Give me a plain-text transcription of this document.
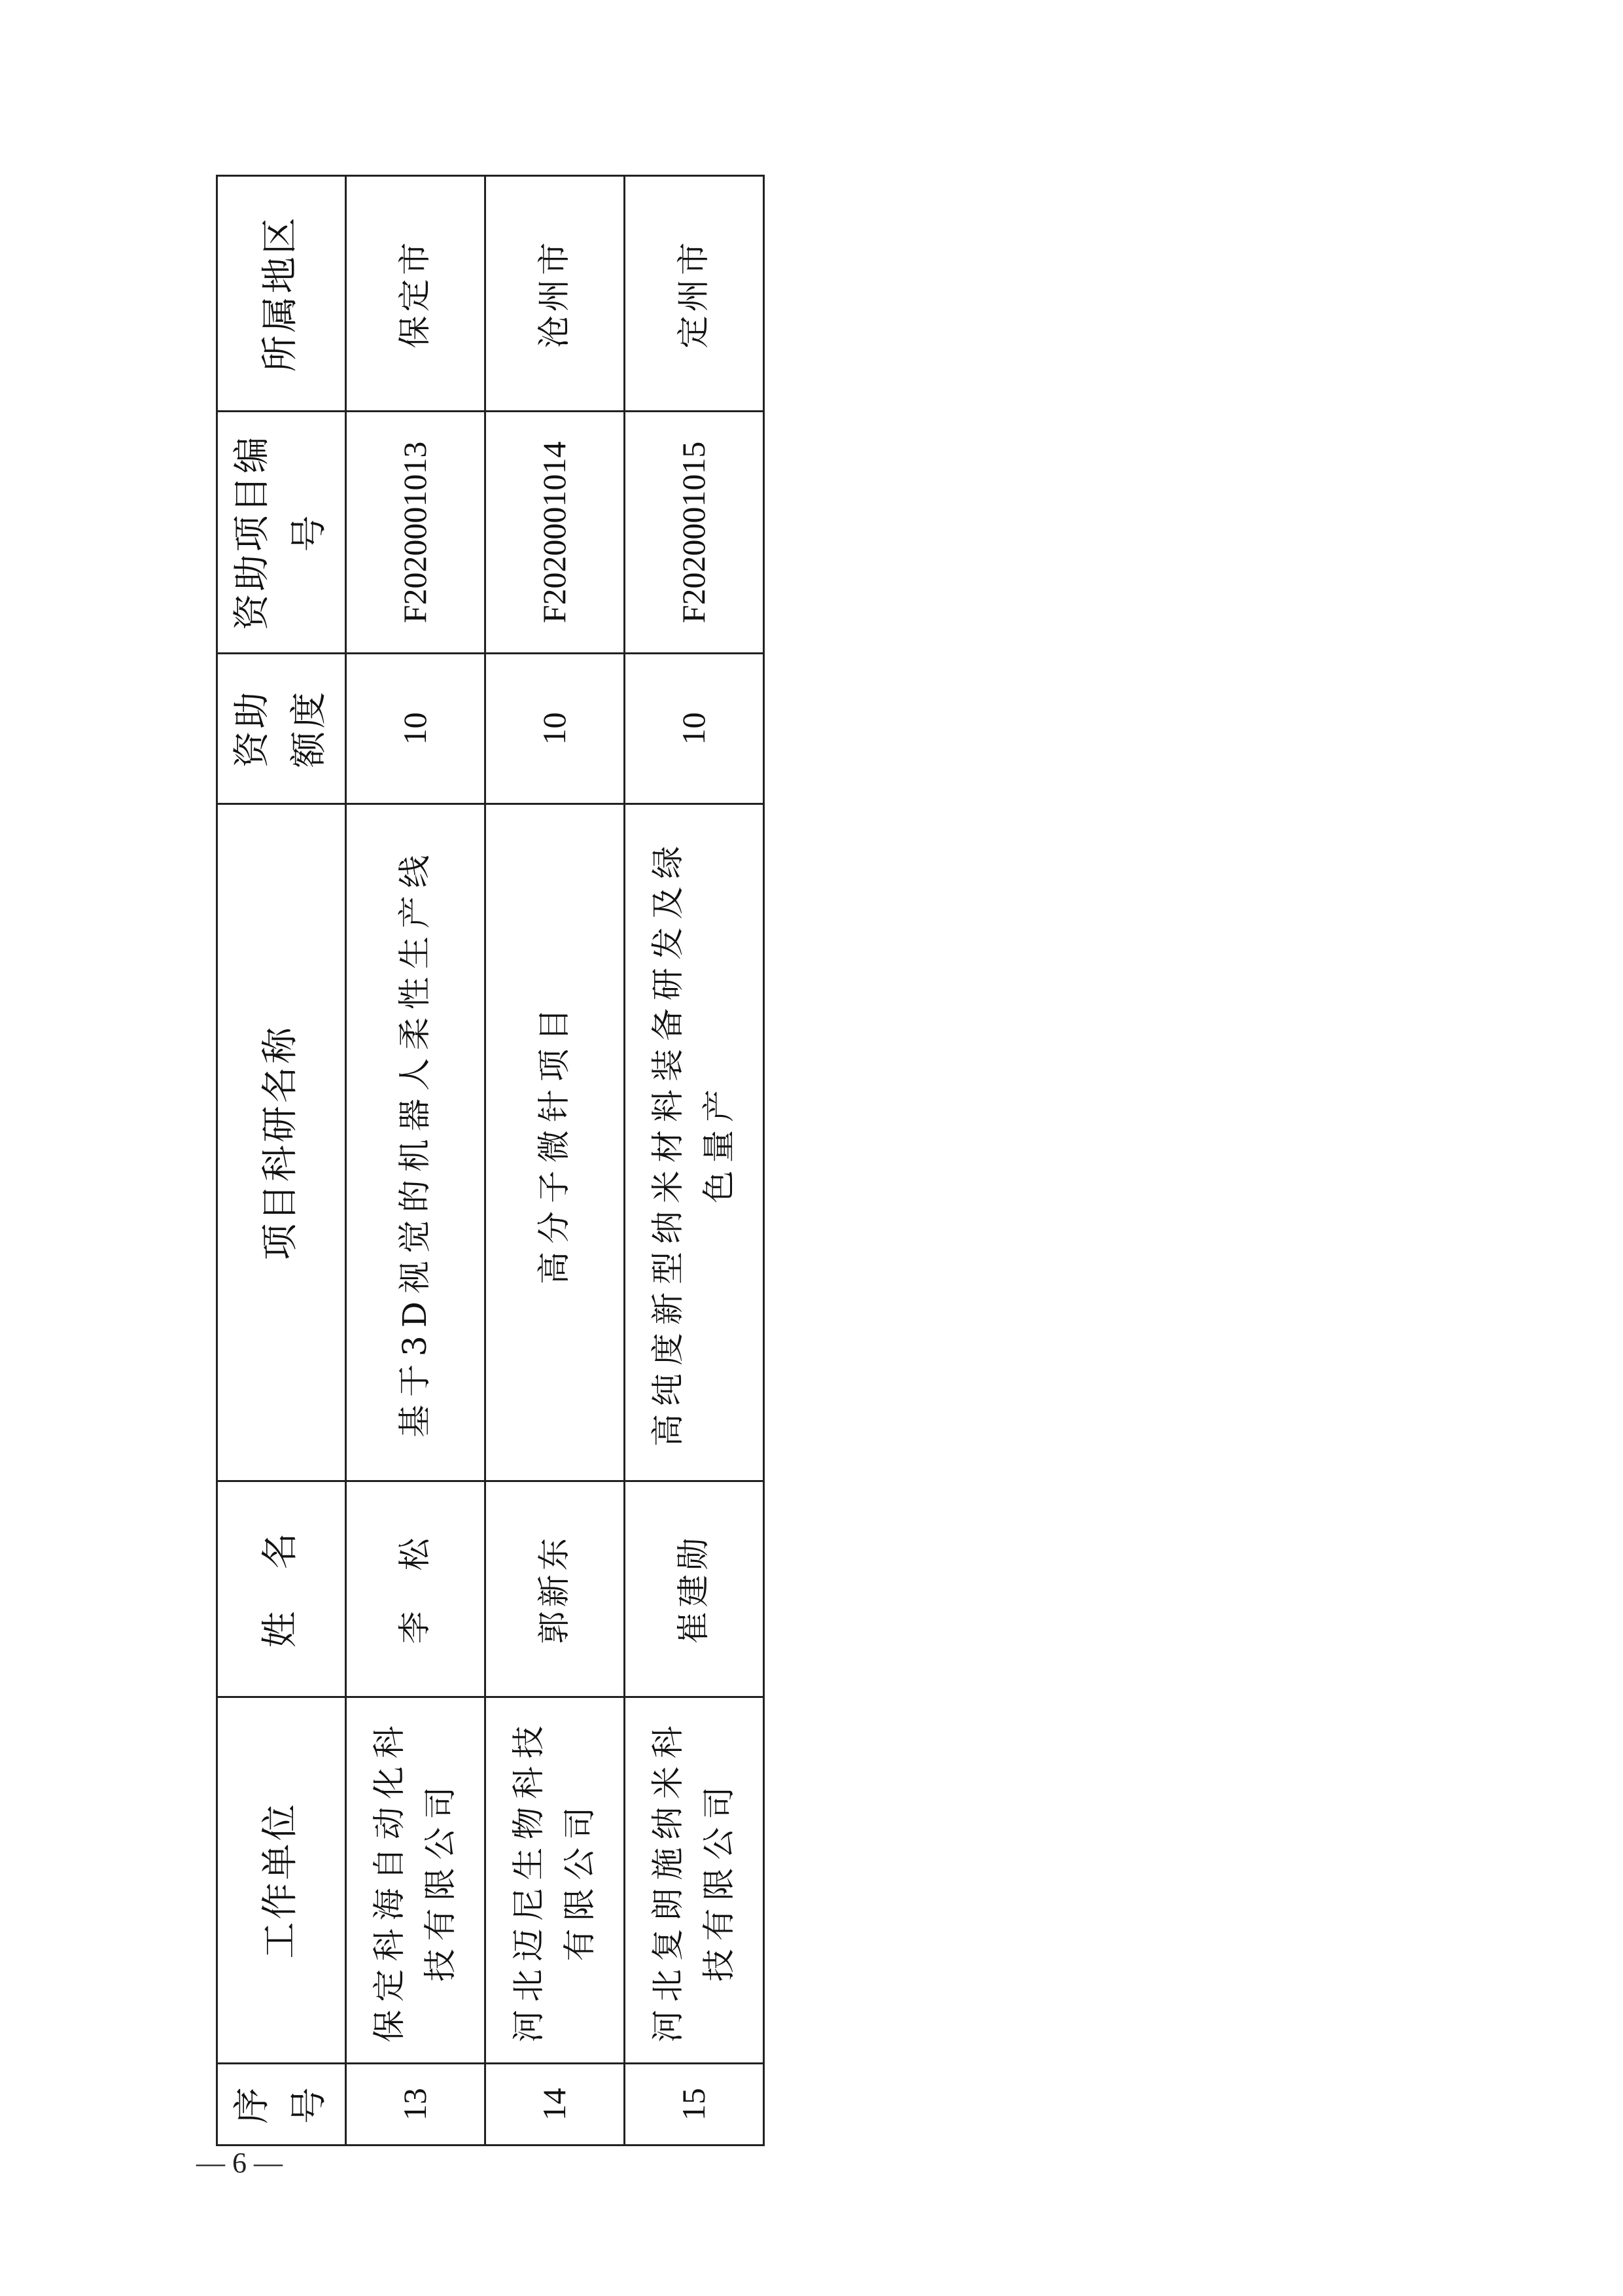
序号	工作单位	姓　名	项目科研名称	资助额度	资助项目编　号	所属地区
13	保定科海自动化科技有限公司	李　松	基于3D视觉的机器人柔性生产线	10	F2020001013	保定市
14	河北迈尼生物科技有限公司	郭新东	高分子微针项目	10	F2020001014	沧州市
15	河北复朗施纳米科技有限公司	崔建勋	高纯度新型纳米材料装备研发及绿色量产	10	F2020001015	定州市
— 6 —
